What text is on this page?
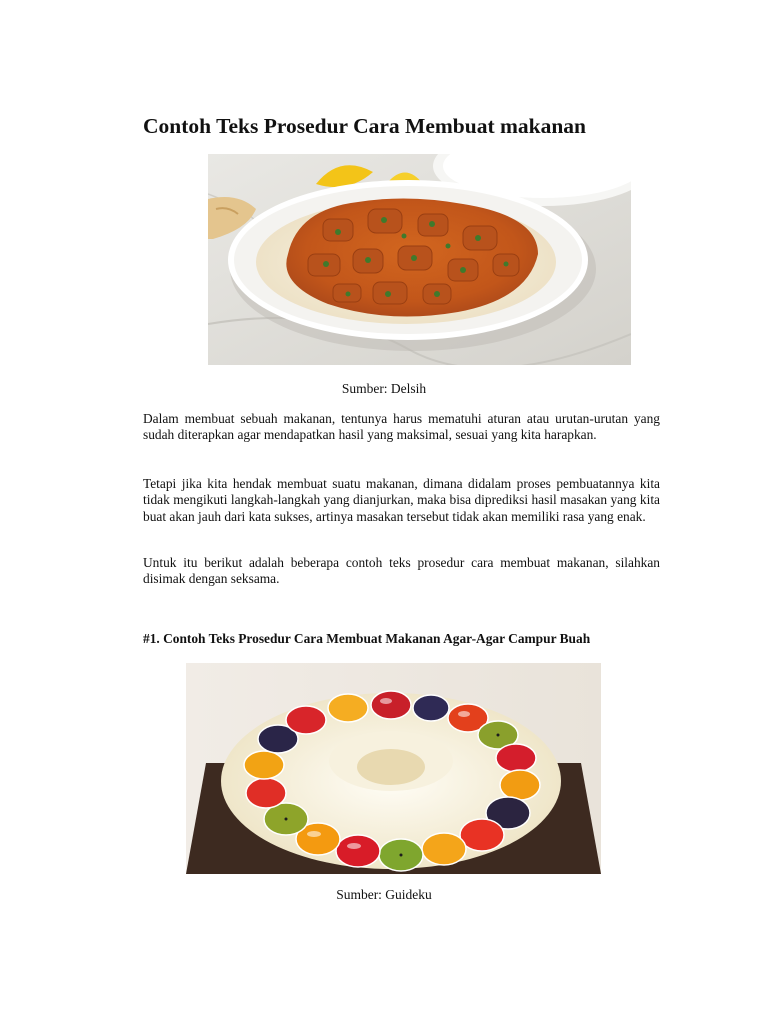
Contoh Teks Prosedur Cara Membuat makanan

Sumber: Delsih

Dalam membuat sebuah makanan, tentunya harus mematuhi aturan atau urutan-urutan yang sudah diterapkan agar mendapatkan hasil yang maksimal, sesuai yang kita harapkan.

Tetapi jika kita hendak membuat suatu makanan, dimana didalam proses pembuatannya kita tidak mengikuti langkah-langkah yang dianjurkan, maka bisa diprediksi hasil masakan yang kita buat akan jauh dari kata sukses, artinya masakan tersebut tidak akan memiliki rasa yang enak.

Untuk itu berikut adalah beberapa contoh teks prosedur cara membuat makanan, silahkan disimak dengan seksama.

#1. Contoh Teks Prosedur Cara Membuat Makanan Agar-Agar Campur Buah

Sumber: Guideku
